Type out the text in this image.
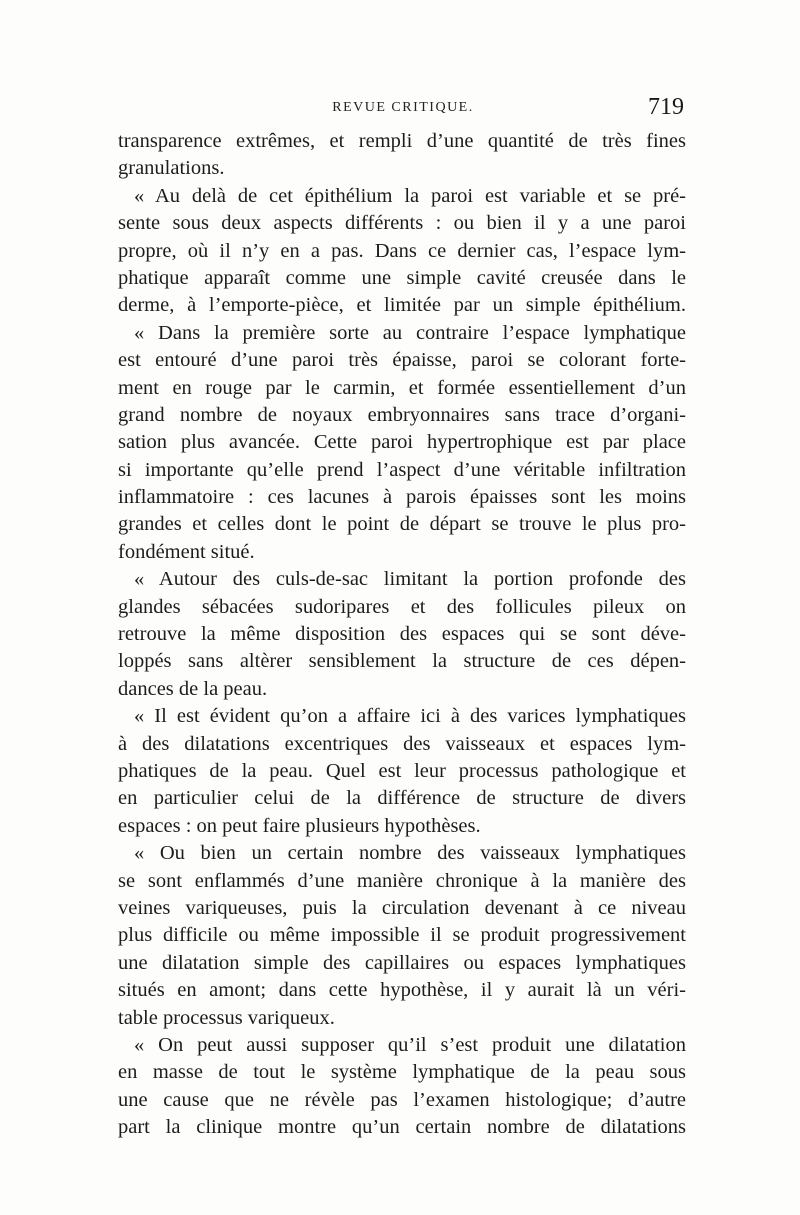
REVUE CRITIQUE.	719
transparence extrêmes, et rempli d’une quantité de très fines
granulations.
« Au delà de cet épithélium la paroi est variable et se pré-
sente sous deux aspects différents : ou bien il y a une paroi
propre, où il n’y en a pas. Dans ce dernier cas, l’espace lym-
phatique apparaît comme une simple cavité creusée dans le
derme, à l’emporte-pièce, et limitée par un simple épithélium.
« Dans la première sorte au contraire l’espace lymphatique
est entouré d’une paroi très épaisse, paroi se colorant forte-
ment en rouge par le carmin, et formée essentiellement d’un
grand nombre de noyaux embryonnaires sans trace d’organi-
sation plus avancée. Cette paroi hypertrophique est par place
si importante qu’elle prend l’aspect d’une véritable infiltration
inflammatoire : ces lacunes à parois épaisses sont les moins
grandes et celles dont le point de départ se trouve le plus pro-
fondément situé.
« Autour des culs-de-sac limitant la portion profonde des
glandes sébacées sudoripares et des follicules pileux on
retrouve la même disposition des espaces qui se sont déve-
loppés sans altèrer sensiblement la structure de ces dépen-
dances de la peau.
« Il est évident qu’on a affaire ici à des varices lymphatiques
à des dilatations excentriques des vaisseaux et espaces lym-
phatiques de la peau. Quel est leur processus pathologique et
en particulier celui de la différence de structure de divers
espaces : on peut faire plusieurs hypothèses.
« Ou bien un certain nombre des vaisseaux lymphatiques
se sont enflammés d’une manière chronique à la manière des
veines variqueuses, puis la circulation devenant à ce niveau
plus difficile ou même impossible il se produit progressivement
une dilatation simple des capillaires ou espaces lymphatiques
situés en amont; dans cette hypothèse, il y aurait là un véri-
table processus variqueux.
« On peut aussi supposer qu’il s’est produit une dilatation
en masse de tout le système lymphatique de la peau sous
une cause que ne révèle pas l’examen histologique; d’autre
part la clinique montre qu’un certain nombre de dilatations
